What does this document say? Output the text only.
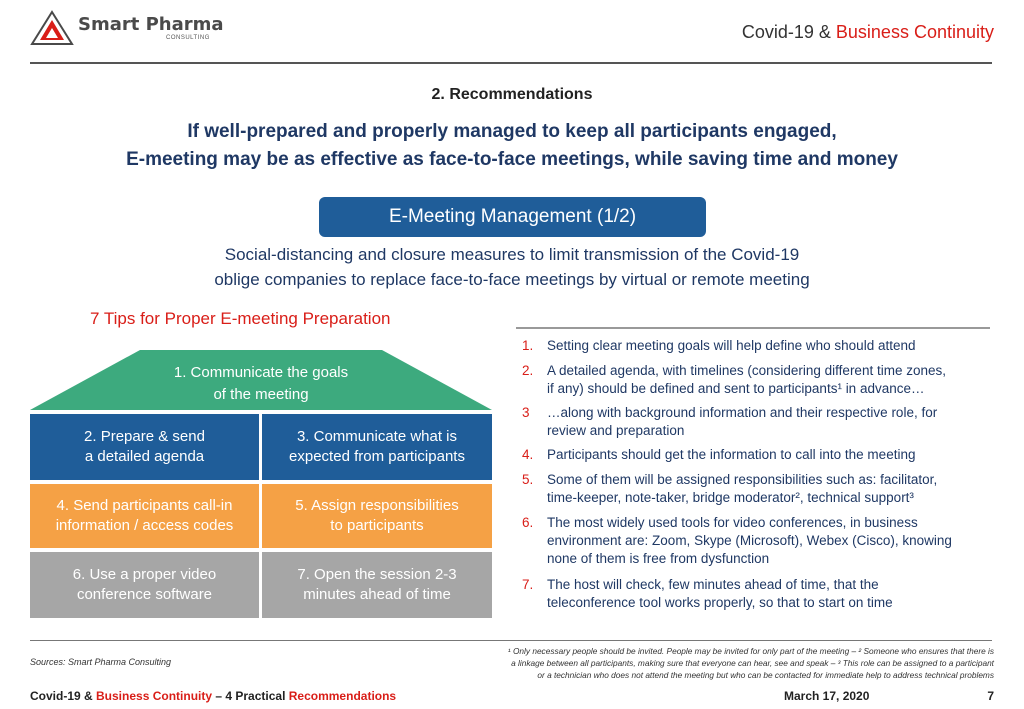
Smart Pharma
CONSULTING	Covid-19 & Business Continuity
2. Recommendations
If well-prepared and properly managed to keep all participants engaged,
E-meeting may be as effective as face-to-face meetings, while saving time and money
E-Meeting Management (1/2)
Social-distancing and closure measures to limit transmission of the Covid-19
oblige companies to replace face-to-face meetings by virtual or remote meeting
7 Tips for Proper E-meeting Preparation
1. Communicate the goals
of the meeting
2. Prepare & send
a detailed agenda
3. Communicate what is
expected from participants
4. Send participants call-in
information / access codes
5. Assign responsibilities
to participants
6. Use a proper video
conference software
7. Open the session 2-3
minutes ahead of time
1.	Setting clear meeting goals will help define who should attend
2.	A detailed agenda, with timelines (considering different time zones,
if any) should be defined and sent to participants¹ in advance…
3	…along with background information and their respective role, for
review and preparation
4.	Participants should get the information to call into the meeting
5.	Some of them will be assigned responsibilities such as: facilitator,
time-keeper, note-taker, bridge moderator², technical support³
6.	The most widely used tools for video conferences, in business
environment are: Zoom, Skype (Microsoft), Webex (Cisco), knowing
none of them is free from dysfunction
7.	The host will check, few minutes ahead of time, that the
teleconference tool works properly, so that to start on time
Sources: Smart Pharma Consulting
¹ Only necessary people should be invited. People may be invited for only part of the meeting – ² Someone who ensures that there is
a linkage between all participants, making sure that everyone can hear, see and speak – ³ This role can be assigned to a participant
or a technician who does not attend the meeting but who can be contacted for immediate help to address technical problems
Covid-19 & Business Continuity – 4 Practical Recommendations	March 17, 2020	7
